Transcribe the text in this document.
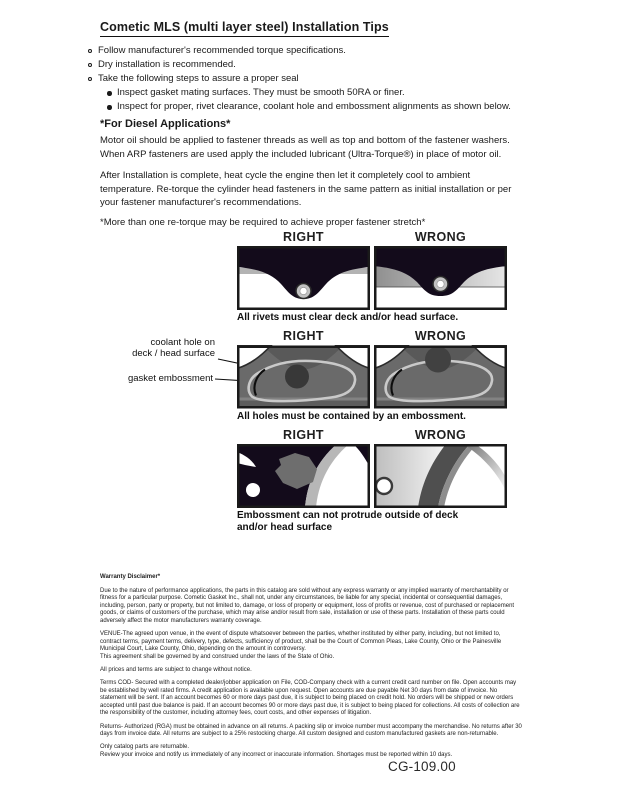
Cometic MLS (multi layer steel) Installation Tips
Follow manufacturer's recommended torque specifications.
Dry installation is recommended.
Take the following steps to assure a proper seal
Inspect gasket mating surfaces. They must be smooth 50RA or finer.
Inspect for proper, rivet clearance, coolant hole and embossment alignments as shown below.
*For Diesel Applications*
Motor oil should be applied to fastener threads as well as top and bottom of the fastener washers. When ARP fasteners are used apply the included lubricant (Ultra-Torque®) in place of motor oil.
After Installation is complete, heat cycle the engine then let it completely cool to ambient temperature. Re-torque the cylinder head fasteners in the same pattern as initial installation or per your fastener manufacturer's recommendations.
*More than one re-torque may be required to achieve proper fastener stretch*
RIGHT	WRONG
All rivets must clear deck and/or head surface.
RIGHT	WRONG
coolant hole on
deck / head surface
gasket embossment
All holes must be contained by an embossment.
RIGHT	WRONG
Embossment can not protrude outside of deck
and/or head surface

Warranty Disclaimer*

Due to the nature of performance applications, the parts in this catalog are sold without any express warranty or any implied warranty of merchantability or fitness for a particular purpose. Cometic Gasket Inc., shall not, under any circumstances, be liable for any special, incidental or consequential damages, including, person, party or property, but not limited to, damage, or loss of property or equipment, loss of profits or revenue, cost of purchased or replacement goods, or claims of customers of the purchase, which may arise and/or result from sale, installation or use of these parts. Installation of these parts could adversely affect the motor manufacturers warranty coverage.

VENUE-The agreed upon venue, in the event of dispute whatsoever between the parties, whether instituted by either party, including, but not limited to, contract terms, payment terms, delivery, type, defects, sufficiency of product, shall be the Court of Common Pleas, Lake County, Ohio or the Painesville Municipal Court, Lake County, Ohio, depending on the amount in controversy.

This agreement shall be governed by and construed under the laws of the State of Ohio.

All prices and terms are subject to change without notice.

Terms COD- Secured with a completed dealer/jobber application on File, COD-Company check with a current credit card number on file. Open accounts may be established by well rated firms. A credit application is available upon request. Open accounts are due payable Net 30 days from date of invoice. No statement will be sent. If an account becomes 60 or more days past due, it is subject to being placed on credit hold. No orders will be shipped or new orders accepted until past due balance is paid. If an account becomes 90 or more days past due, it is subject to being placed for collections. All costs of collection are the responsibility of the customer, including attorney fees, court costs, and other expenses of litigation.

Returns- Authorized (RGA) must be obtained in advance on all returns. A packing slip or invoice number must accompany the merchandise. No returns after 30 days from invoice date. All returns are subject to a 25% restocking charge. All custom designed and custom manufactured gaskets are non-returnable.

Only catalog parts are returnable.

Review your invoice and notify us immediately of any incorrect or inaccurate information. Shortages must be reported within 10 days.

CG-109.00
